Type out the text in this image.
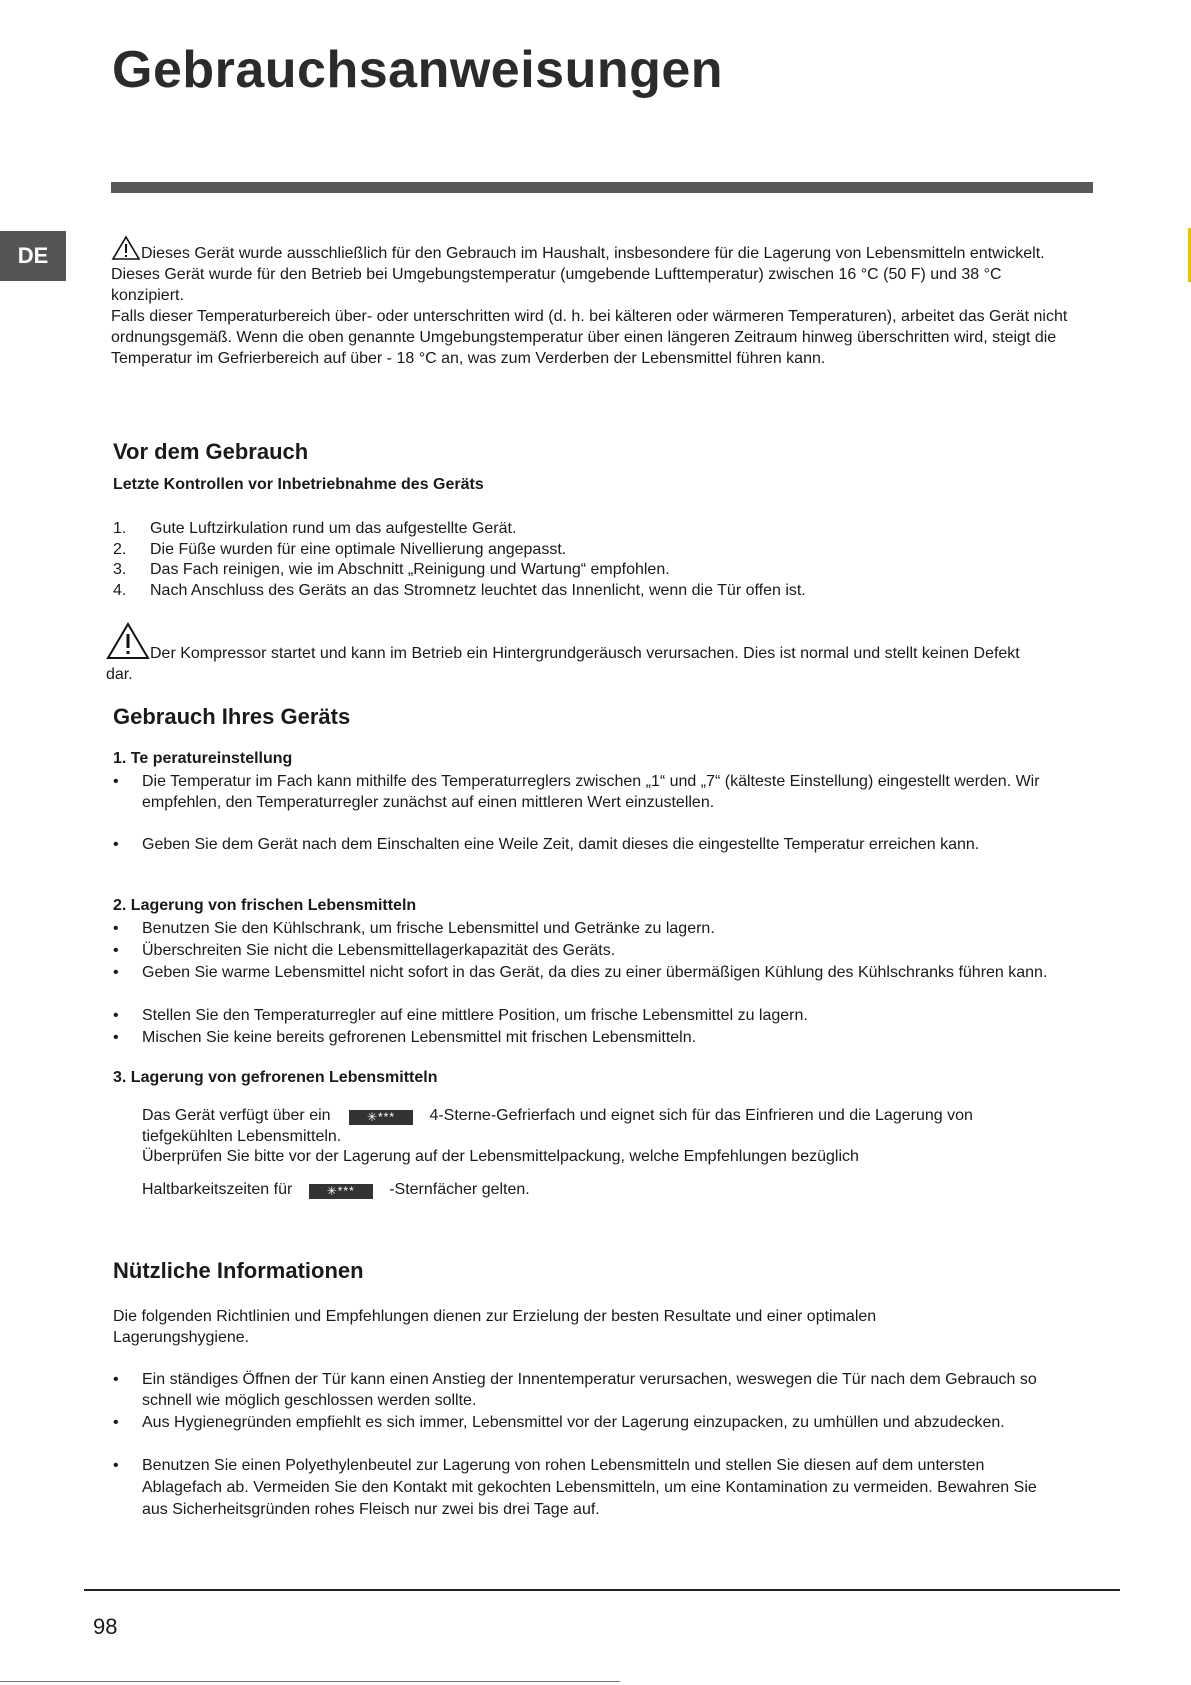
Gebrauchsanweisungen
DE	Dieses Gerät wurde ausschließlich für den Gebrauch im Haushalt, insbesondere für die Lagerung von Lebensmitteln entwickelt.
Dieses Gerät wurde für den Betrieb bei Umgebungstemperatur (umgebende Lufttemperatur) zwischen 16 °C (50 F) und 38 °C konzipiert.
Falls dieser Temperaturbereich über- oder unterschritten wird (d. h. bei kälteren oder wärmeren Temperaturen), arbeitet das Gerät nicht ordnungsgemäß. Wenn die oben genannte Umgebungstemperatur über einen längeren Zeitraum hinweg überschritten wird, steigt die Temperatur im Gefrierbereich auf über - 18 °C an, was zum Verderben der Lebensmittel führen kann.
Vor dem Gebrauch
Letzte Kontrollen vor Inbetriebnahme des Geräts
1. Gute Luftzirkulation rund um das aufgestellte Gerät.
2. Die Füße wurden für eine optimale Nivellierung angepasst.
3. Das Fach reinigen, wie im Abschnitt „Reinigung und Wartung“ empfohlen.
4. Nach Anschluss des Geräts an das Stromnetz leuchtet das Innenlicht, wenn die Tür offen ist.
Der Kompressor startet und kann im Betrieb ein Hintergrundgeräusch verursachen. Dies ist normal und stellt keinen Defekt dar.
Gebrauch Ihres Geräts
1. Te peratureinstellung
•	Die Temperatur im Fach kann mithilfe des Temperaturreglers zwischen „1“ und „7“ (kälteste Einstellung) eingestellt werden. Wir empfehlen, den Temperaturregler zunächst auf einen mittleren Wert einzustellen.
•	Geben Sie dem Gerät nach dem Einschalten eine Weile Zeit, damit dieses die eingestellte Temperatur erreichen kann.
2. Lagerung von frischen Lebensmitteln
•	Benutzen Sie den Kühlschrank, um frische Lebensmittel und Getränke zu lagern.
•	Überschreiten Sie nicht die Lebensmittellagerkapazität des Geräts.
•	Geben Sie warme Lebensmittel nicht sofort in das Gerät, da dies zu einer übermäßigen Kühlung des Kühlschranks führen kann.
•	Stellen Sie den Temperaturregler auf eine mittlere Position, um frische Lebensmittel zu lagern.
•	Mischen Sie keine bereits gefrorenen Lebensmittel mit frischen Lebensmitteln.
3. Lagerung von gefrorenen Lebensmitteln
Das Gerät verfügt über ein	✳*** 4-Sterne-Gefrierfach und eignet sich für das Einfrieren und die Lagerung von
tiefgekühlten Lebensmitteln.
Überprüfen Sie bitte vor der Lagerung auf der Lebensmittelpackung, welche Empfehlungen bezüglich
Haltbarkeitszeiten für	✳*** -Sternfächer gelten.
Nützliche Informationen
Die folgenden Richtlinien und Empfehlungen dienen zur Erzielung der besten Resultate und einer optimalen Lagerungshygiene.
•	Ein ständiges Öffnen der Tür kann einen Anstieg der Innentemperatur verursachen, weswegen die Tür nach dem Gebrauch so schnell wie möglich geschlossen werden sollte.
•	Aus Hygienegründen empfiehlt es sich immer, Lebensmittel vor der Lagerung einzupacken, zu umhüllen und abzudecken.
•	Benutzen Sie einen Polyethylenbeutel zur Lagerung von rohen Lebensmitteln und stellen Sie diesen auf dem untersten Ablagefach ab. Vermeiden Sie den Kontakt mit gekochten Lebensmitteln, um eine Kontamination zu vermeiden. Bewahren Sie aus Sicherheitsgründen rohes Fleisch nur zwei bis drei Tage auf.
98
